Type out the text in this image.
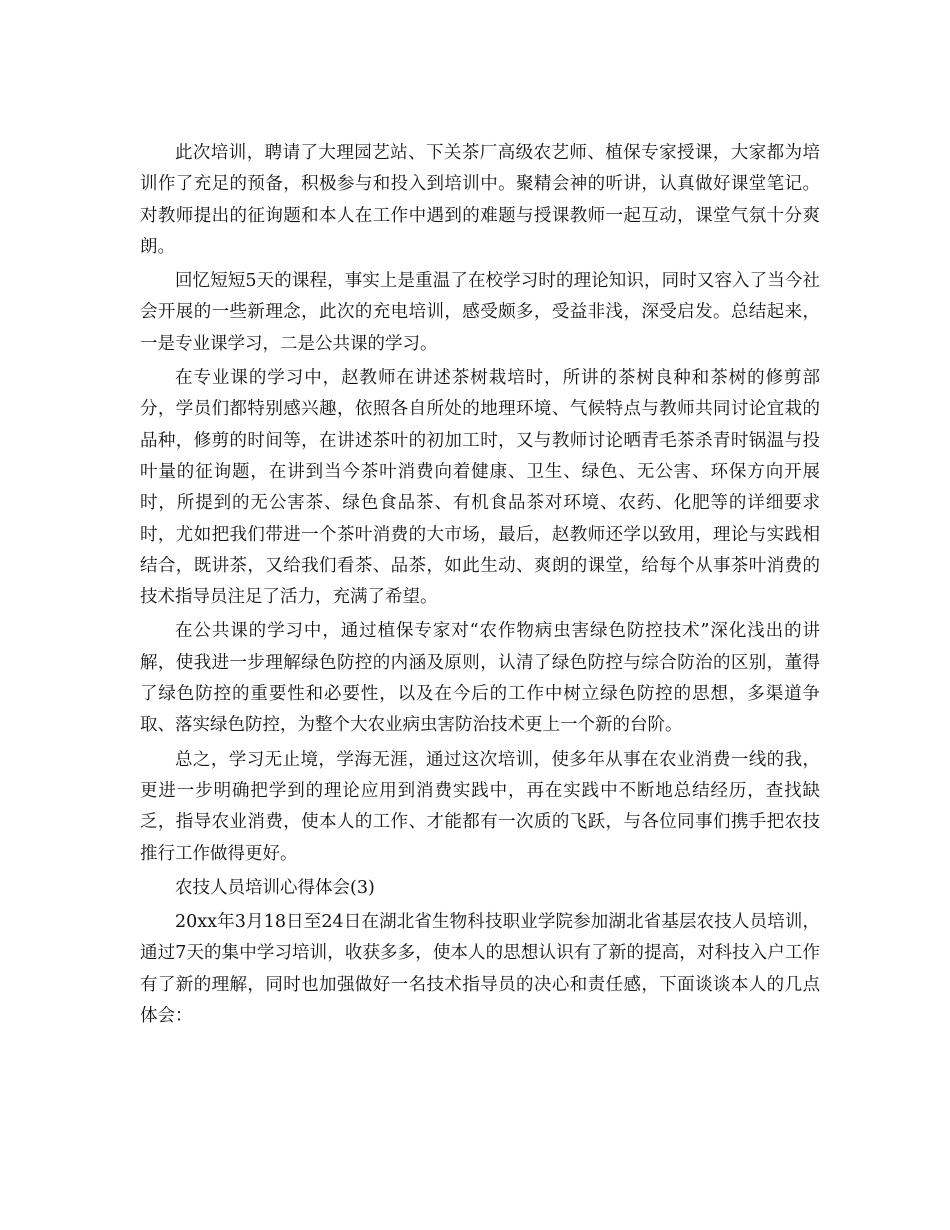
此次培训，聘请了大理园艺站、下关茶厂高级农艺师、植保专家授课，大家都为培训作了充足的预备，积极参与和投入到培训中。聚精会神的听讲，认真做好课堂笔记。对教师提出的征询题和本人在工作中遇到的难题与授课教师一起互动，课堂气氛十分爽朗。

回忆短短5天的课程，事实上是重温了在校学习时的理论知识，同时又容入了当今社会开展的一些新理念，此次的充电培训，感受颇多，受益非浅，深受启发。总结起来，一是专业课学习，二是公共课的学习。

在专业课的学习中，赵教师在讲述茶树栽培时，所讲的茶树良种和茶树的修剪部分，学员们都特别感兴趣，依照各自所处的地理环境、气候特点与教师共同讨论宜栽的品种，修剪的时间等，在讲述茶叶的初加工时，又与教师讨论晒青毛茶杀青时锅温与投叶量的征询题，在讲到当今茶叶消费向着健康、卫生、绿色、无公害、环保方向开展时，所提到的无公害茶、绿色食品茶、有机食品茶对环境、农药、化肥等的详细要求时，尤如把我们带进一个茶叶消费的大市场，最后，赵教师还学以致用，理论与实践相结合，既讲茶，又给我们看茶、品茶，如此生动、爽朗的课堂，给每个从事茶叶消费的技术指导员注足了活力，充满了希望。

在公共课的学习中，通过植保专家对“农作物病虫害绿色防控技术”深化浅出的讲解，使我进一步理解绿色防控的内涵及原则，认清了绿色防控与综合防治的区别，董得了绿色防控的重要性和必要性，以及在今后的工作中树立绿色防控的思想，多渠道争取、落实绿色防控，为整个大农业病虫害防治技术更上一个新的台阶。

总之，学习无止境，学海无涯，通过这次培训，使多年从事在农业消费一线的我，更进一步明确把学到的理论应用到消费实践中，再在实践中不断地总结经历，查找缺乏，指导农业消费，使本人的工作、才能都有一次质的飞跃，与各位同事们携手把农技推行工作做得更好。

农技人员培训心得体会(3)

20xx年3月18日至24日在湖北省生物科技职业学院参加湖北省基层农技人员培训，通过7天的集中学习培训，收获多多，使本人的思想认识有了新的提高，对科技入户工作有了新的理解，同时也加强做好一名技术指导员的决心和责任感，下面谈谈本人的几点体会：
